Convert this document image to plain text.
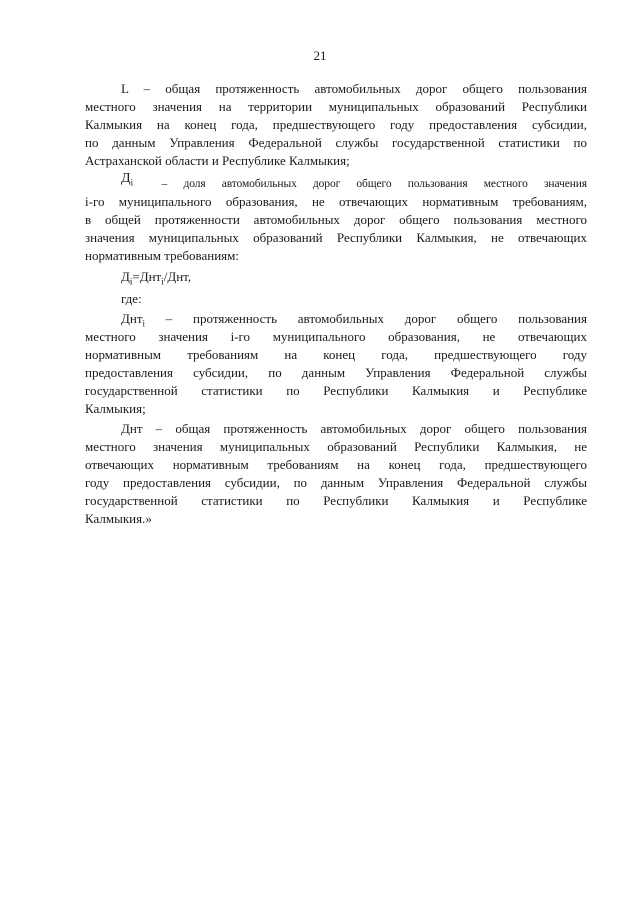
21
L – общая протяженность автомобильных дорог общего пользования
местного значения на территории муниципальных образований Республики
Калмыкия на конец года, предшествующего году предоставления субсидии,
по данным Управления Федеральной службы государственной статистики по
Астраханской области и Республике Калмыкия;
$Д_i$ – доля автомобильных дорог общего пользования местного значения
i-го муниципального образования, не отвечающих нормативным требованиям,
в общей протяженности автомобильных дорог общего пользования местного
значения муниципальных образований Республики Калмыкия, не отвечающих
нормативным требованиям:
$Д_i=Днт_i$/Днт,
где:
Днт$_i$ – протяженность автомобильных дорог общего пользования
местного значения i-го муниципального образования, не отвечающих
нормативным требованиям на конец года, предшествующего году
предоставления субсидии, по данным Управления Федеральной службы
государственной статистики по Республики Калмыкия и Республике
Калмыкия;
Днт – общая протяженность автомобильных дорог общего пользования
местного значения муниципальных образований Республики Калмыкия, не
отвечающих нормативным требованиям на конец года, предшествующего
году предоставления субсидии, по данным Управления Федеральной службы
государственной статистики по Республики Калмыкия и Республике
Калмыкия.»
